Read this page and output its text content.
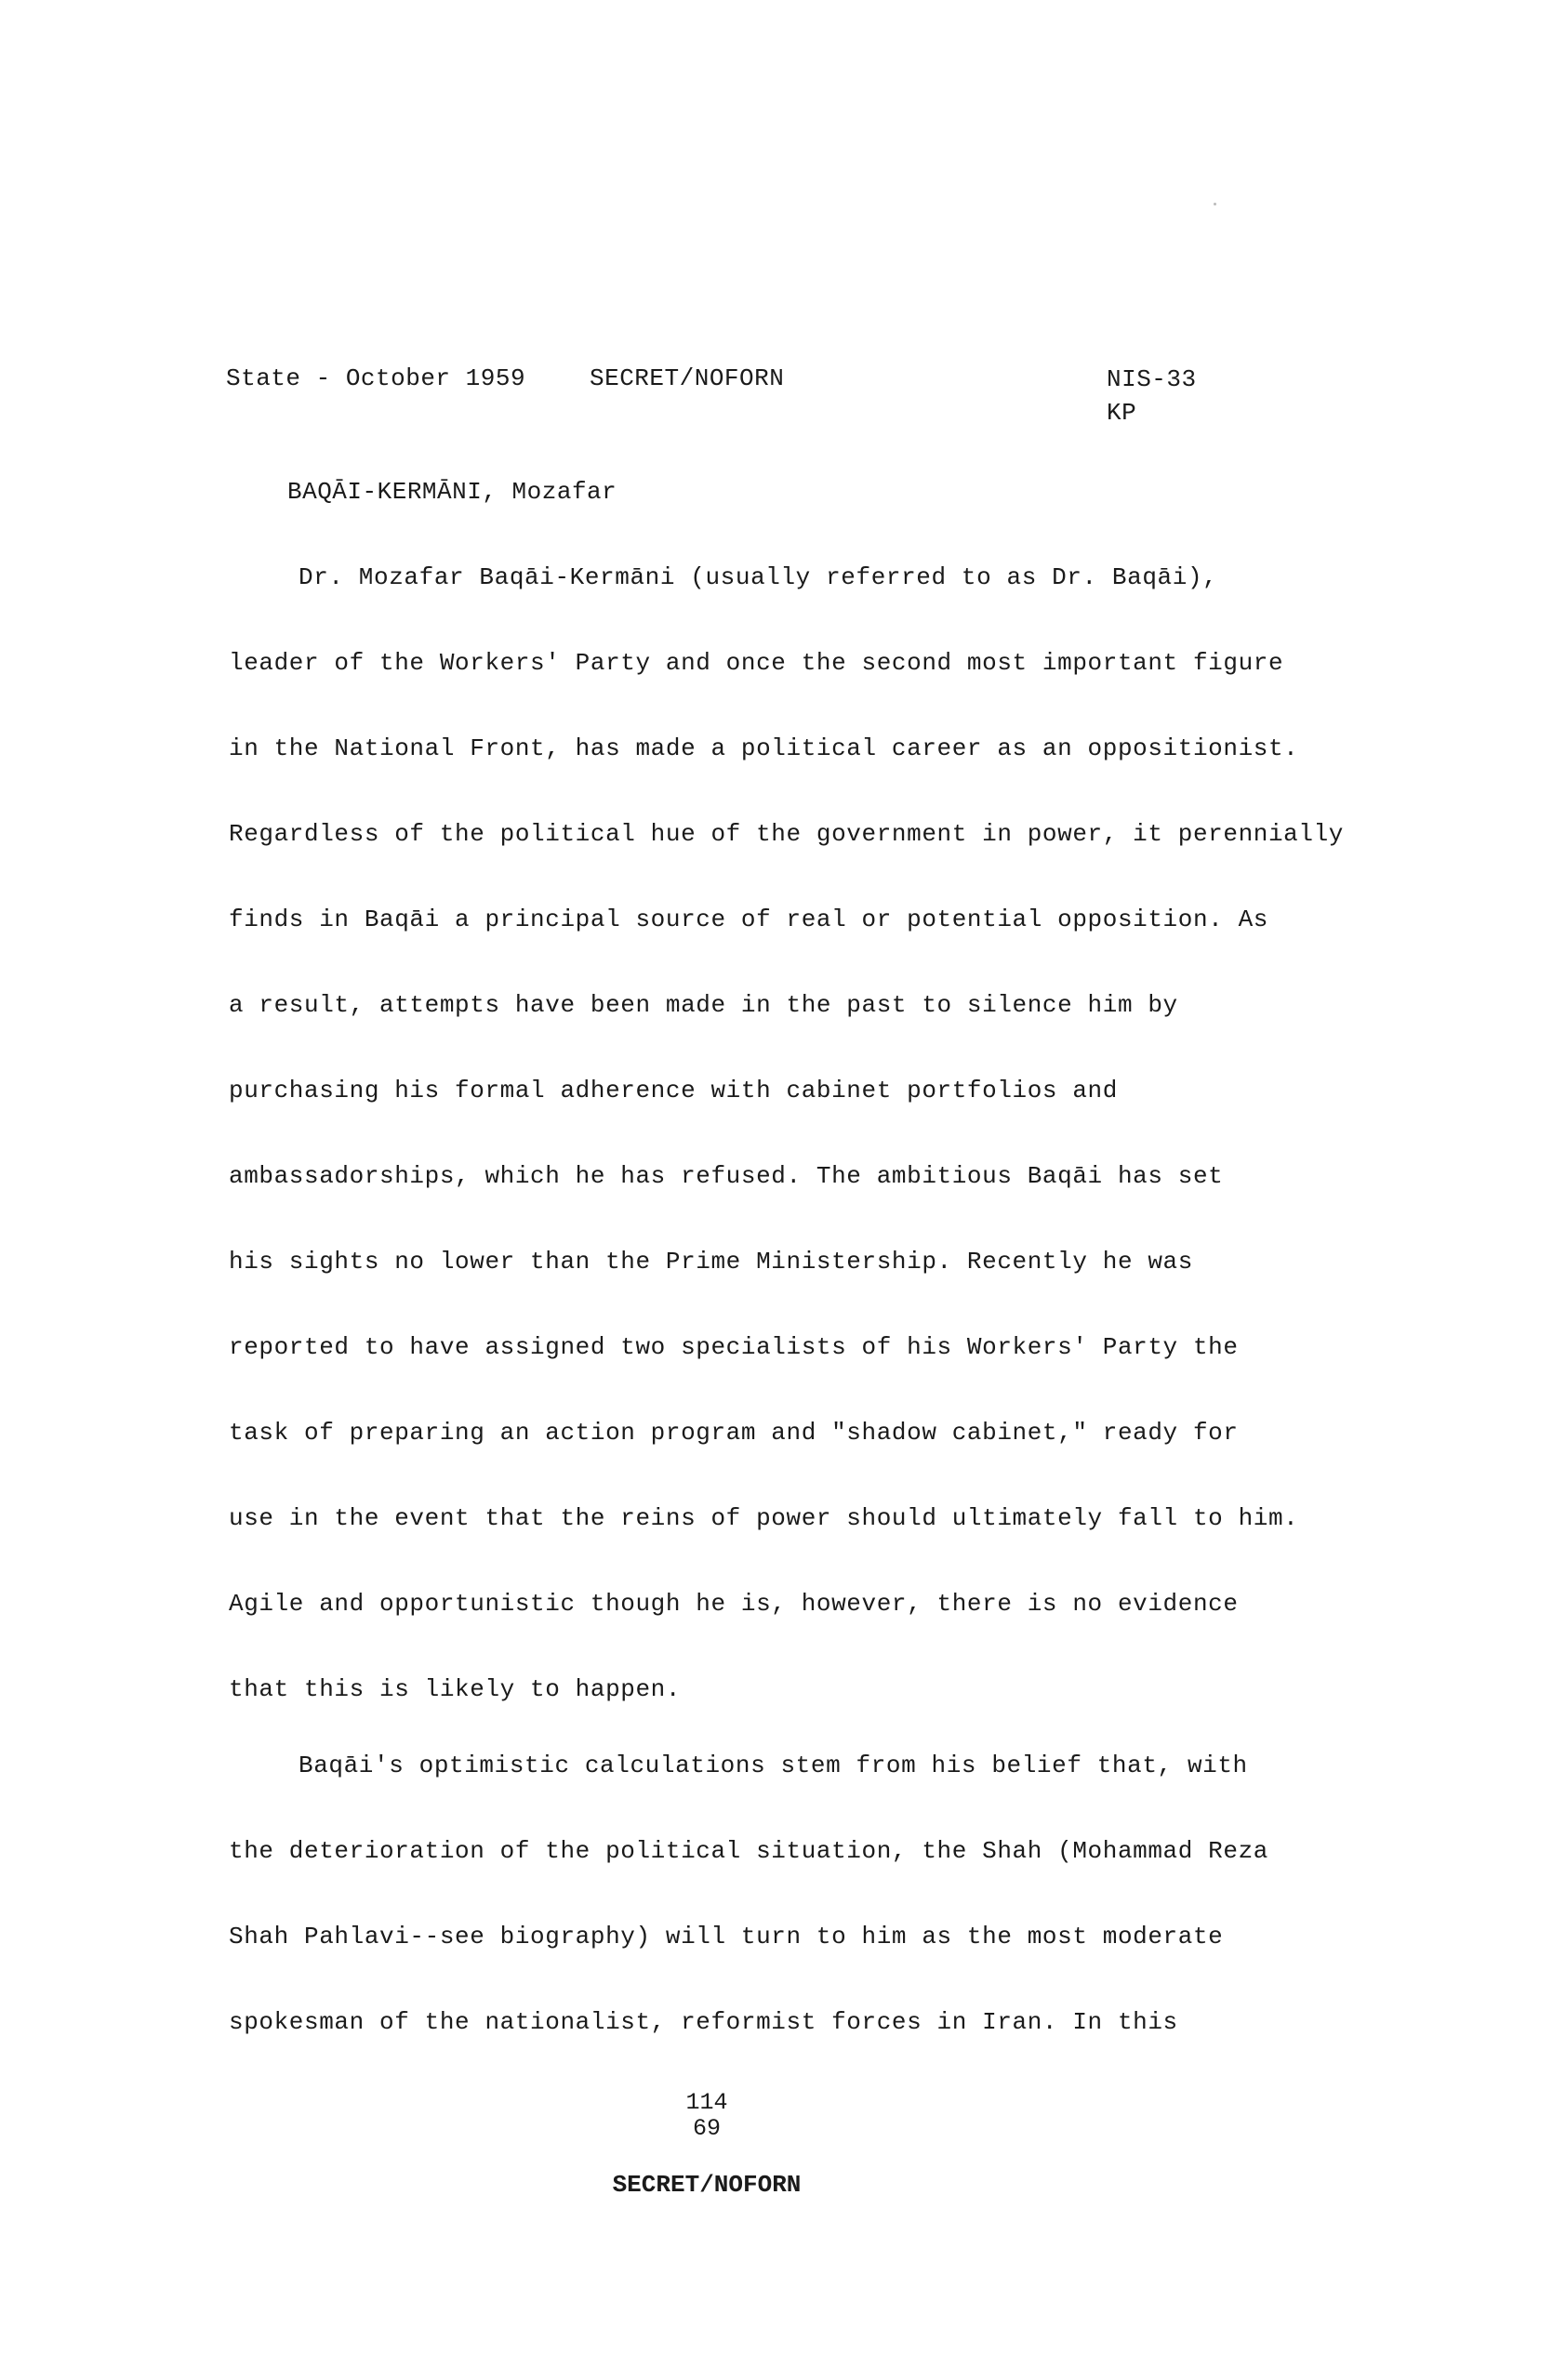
State - October 1959	SECRET/NOFORN	NIS-33
KP
BAQĀI-KERMĀNI, Mozafar
Dr. Mozafar Baqāi-Kermāni (usually referred to as Dr. Baqāi),
leader of the Workers' Party and once the second most important figure
in the National Front, has made a political career as an oppositionist.
Regardless of the political hue of the government in power, it perennially
finds in Baqāi a principal source of real or potential opposition. As
a result, attempts have been made in the past to silence him by
purchasing his formal adherence with cabinet portfolios and
ambassadorships, which he has refused. The ambitious Baqāi has set
his sights no lower than the Prime Ministership. Recently he was
reported to have assigned two specialists of his Workers' Party the
task of preparing an action program and "shadow cabinet," ready for
use in the event that the reins of power should ultimately fall to him.
Agile and opportunistic though he is, however, there is no evidence
that this is likely to happen.
Baqāi's optimistic calculations stem from his belief that, with
the deterioration of the political situation, the Shah (Mohammad Reza
Shah Pahlavi--see biography) will turn to him as the most moderate
spokesman of the nationalist, reformist forces in Iran. In this
114
69
SECRET/NOFORN
